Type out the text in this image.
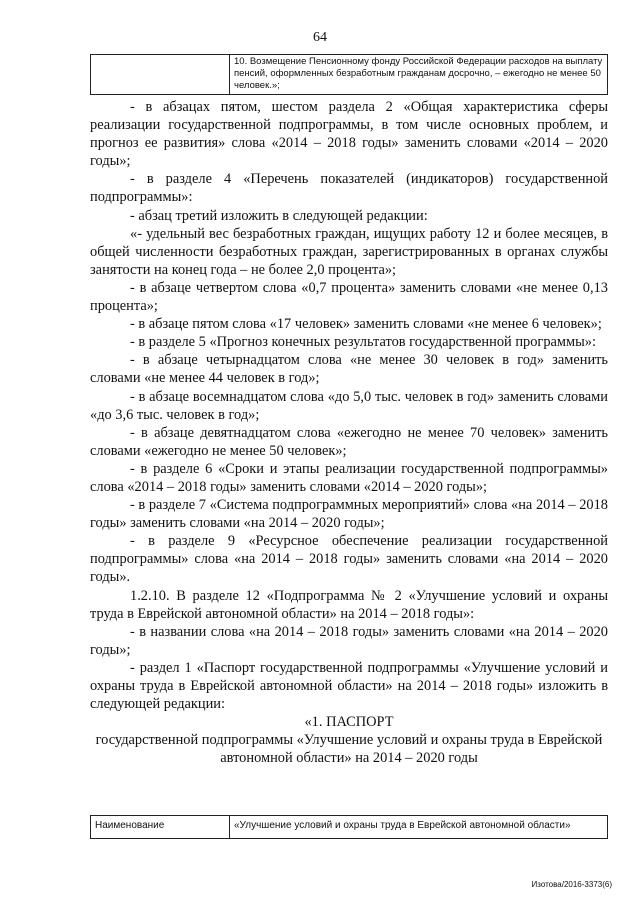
64
	10. Возмещение Пенсионному фонду Российской Федерации расходов на выплату пенсий, оформленных безработным гражданам досрочно, – ежегодно не менее 50 человек.»;

- в абзацах пятом, шестом раздела 2 «Общая характеристика сферы реализации государственной подпрограммы, в том числе основных проблем, и прогноз ее развития» слова «2014 – 2018 годы» заменить словами «2014 – 2020 годы»;

- в разделе 4 «Перечень показателей (индикаторов) государственной подпрограммы»:

- абзац третий изложить в следующей редакции:

«- удельный вес безработных граждан, ищущих работу 12 и более месяцев, в общей численности безработных граждан, зарегистрированных в органах службы занятости на конец года – не более 2,0 процента»;

- в абзаце четвертом слова «0,7 процента» заменить словами «не менее 0,13 процента»;

- в абзаце пятом слова «17 человек» заменить словами «не менее 6 человек»;

- в разделе 5 «Прогноз конечных результатов государственной программы»:

- в абзаце четырнадцатом слова «не менее 30 человек в год» заменить словами «не менее 44 человек в год»;

- в абзаце восемнадцатом слова «до 5,0 тыс. человек в год» заменить словами «до 3,6 тыс. человек в год»;

- в абзаце девятнадцатом слова «ежегодно не менее 70 человек» заменить словами «ежегодно не менее 50 человек»;

- в разделе 6 «Сроки и этапы реализации государственной подпрограммы» слова «2014 – 2018 годы» заменить словами «2014 – 2020 годы»;

- в разделе 7 «Система подпрограммных мероприятий» слова «на 2014 – 2018 годы» заменить словами «на 2014 – 2020 годы»;

- в разделе 9 «Ресурсное обеспечение реализации государственной подпрограммы» слова «на 2014 – 2018 годы» заменить словами «на 2014 – 2020 годы».

1.2.10. В разделе 12 «Подпрограмма № 2 «Улучшение условий и охраны труда в Еврейской автономной области» на 2014 – 2018 годы»:

- в названии слова «на 2014 – 2018 годы» заменить словами «на 2014 – 2020 годы»;

- раздел 1 «Паспорт государственной подпрограммы «Улучшение условий и охраны труда в Еврейской автономной области» на 2014 – 2018 годы» изложить в следующей редакции:

«1. ПАСПОРТ

государственной подпрограммы «Улучшение условий и охраны труда в Еврейской автономной области» на 2014 – 2020 годы

Наименование	«Улучшение условий и охраны труда в Еврейской автономной области»
Изотова/2016-3373(6)
